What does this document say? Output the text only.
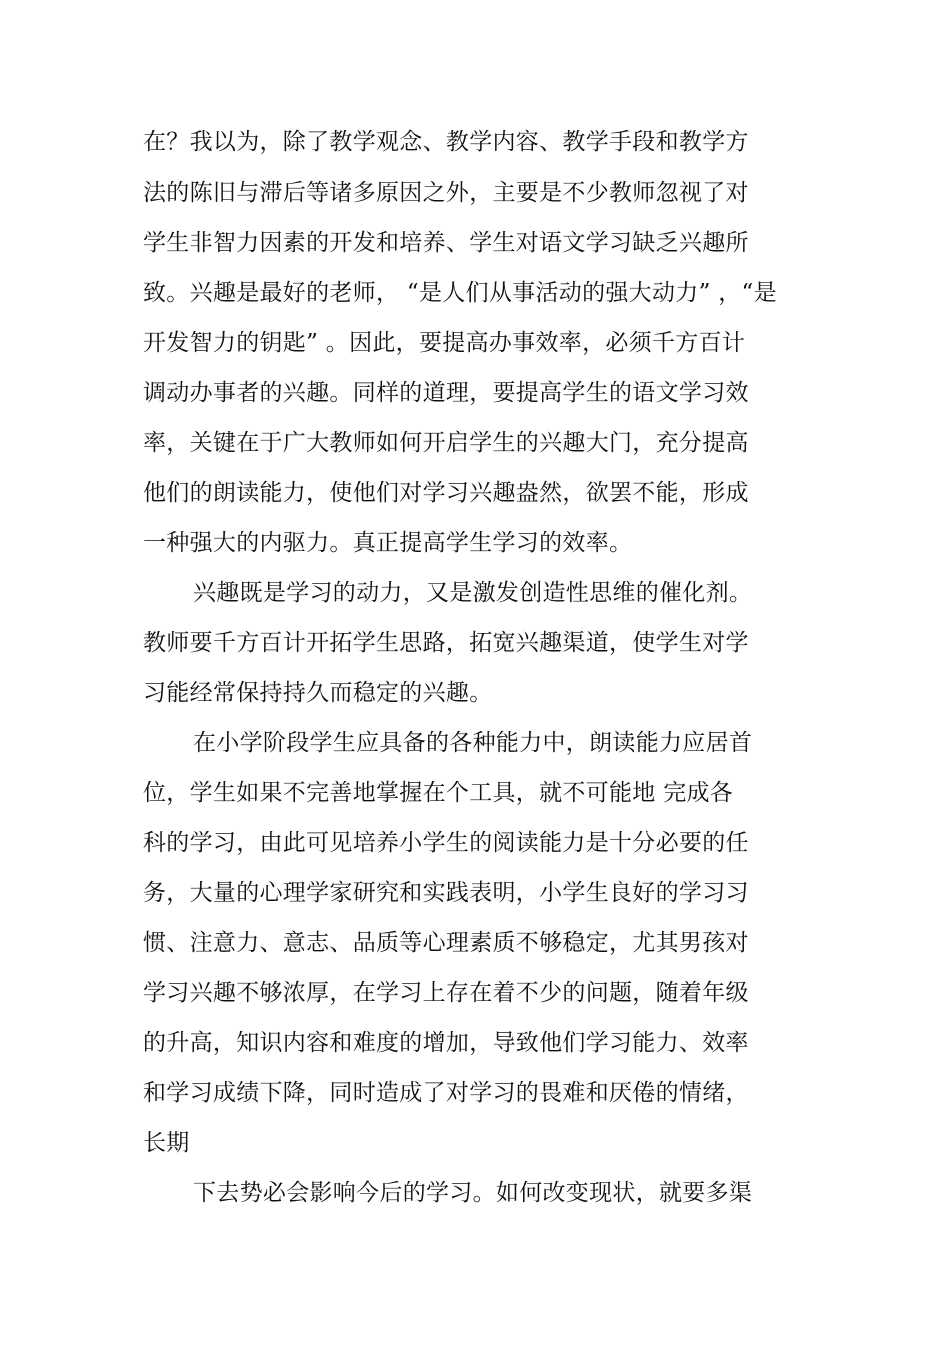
在？我以为，除了教学观念、教学内容、教学手段和教学方
法的陈旧与滞后等诸多原因之外，主要是不少教师忽视了对
学生非智力因素的开发和培养、学生对语文学习缺乏兴趣所
致。兴趣是最好的老师， “是人们从事活动的强大动力” ，“是
开发智力的钥匙” 。因此，要提高办事效率，必须千方百计
调动办事者的兴趣。同样的道理，要提高学生的语文学习效
率，关键在于广大教师如何开启学生的兴趣大门，充分提高
他们的朗读能力，使他们对学习兴趣盎然，欲罢不能，形成
一种强大的内驱力。真正提高学生学习的效率。
兴趣既是学习的动力，又是激发创造性思维的催化剂。
教师要千方百计开拓学生思路，拓宽兴趣渠道，使学生对学
习能经常保持持久而稳定的兴趣。
在小学阶段学生应具备的各种能力中，朗读能力应居首
位，学生如果不完善地掌握在个工具，就不可能地 完成各
科的学习，由此可见培养小学生的阅读能力是十分必要的任
务，大量的心理学家研究和实践表明，小学生良好的学习习
惯、注意力、意志、品质等心理素质不够稳定，尤其男孩对
学习兴趣不够浓厚，在学习上存在着不少的问题，随着年级
的升高，知识内容和难度的增加，导致他们学习能力、效率
和学习成绩下降，同时造成了对学习的畏难和厌倦的情绪，
长期
下去势必会影响今后的学习。如何改变现状，就要多渠
